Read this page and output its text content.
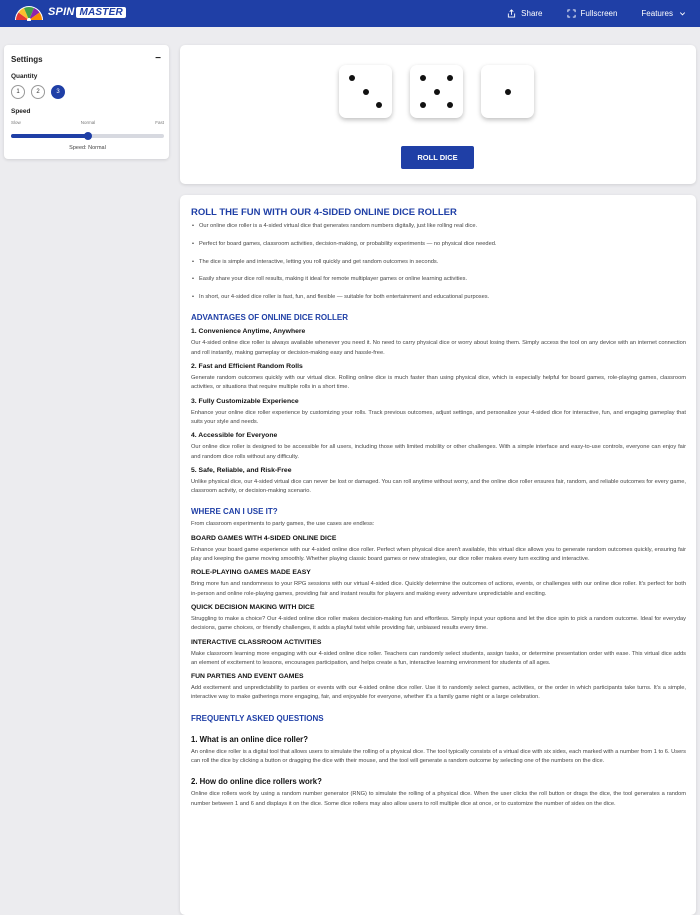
SPIN MASTER	Share	Fullscreen	Features
Settings	−
Quantity
1	2	3
Speed
Slow	Normal	Fast
Speed: Normal
ROLL DICE
ROLL THE FUN WITH OUR 4-SIDED ONLINE DICE ROLLER
• Our online dice roller is a 4-sided virtual dice that generates random numbers digitally, just like rolling real dice.
• Perfect for board games, classroom activities, decision-making, or probability experiments — no physical dice needed.
• The dice is simple and interactive, letting you roll quickly and get random outcomes in seconds.
• Easily share your dice roll results, making it ideal for remote multiplayer games or online learning activities.
• In short, our 4-sided dice roller is fast, fun, and flexible — suitable for both entertainment and educational purposes.
ADVANTAGES OF ONLINE DICE ROLLER
1. Convenience Anytime, Anywhere

Our 4-sided online dice roller is always available whenever you need it. No need to carry physical dice or worry about losing them. Simply access the tool on any device with an internet connection and roll instantly, making gameplay or decision-making easy and hassle-free.

2. Fast and Efficient Random Rolls

Generate random outcomes quickly with our virtual dice. Rolling online dice is much faster than using physical dice, which is especially helpful for board games, role-playing games, classroom activities, or situations that require multiple rolls in a short time.

3. Fully Customizable Experience

Enhance your online dice roller experience by customizing your rolls. Track previous outcomes, adjust settings, and personalize your 4-sided dice for interactive, fun, and engaging gameplay that suits your style and needs.

4. Accessible for Everyone

Our online dice roller is designed to be accessible for all users, including those with limited mobility or other challenges. With a simple interface and easy-to-use controls, everyone can enjoy fair and random dice rolls without any difficulty.

5. Safe, Reliable, and Risk-Free

Unlike physical dice, our 4-sided virtual dice can never be lost or damaged. You can roll anytime without worry, and the online dice roller ensures fair, random, and reliable outcomes for every game, classroom activity, or decision-making scenario.

WHERE CAN I USE IT?

From classroom experiments to party games, the use cases are endless:

BOARD GAMES WITH 4-SIDED ONLINE DICE

Enhance your board game experience with our 4-sided online dice roller. Perfect when physical dice aren't available, this virtual dice allows you to generate random outcomes quickly, ensuring fair play and keeping the game moving smoothly. Whether playing classic board games or new strategies, our dice roller makes every turn exciting and interactive.

ROLE-PLAYING GAMES MADE EASY

Bring more fun and randomness to your RPG sessions with our virtual 4-sided dice. Quickly determine the outcomes of actions, events, or challenges with our online dice roller. It's perfect for both in-person and online role-playing games, providing fair and instant results for players and making every adventure unpredictable and exciting.

QUICK DECISION MAKING WITH DICE

Struggling to make a choice? Our 4-sided online dice roller makes decision-making fun and effortless. Simply input your options and let the dice spin to pick a random outcome. Ideal for everyday decisions, game choices, or friendly challenges, it adds a playful twist while providing fair, unbiased results every time.

INTERACTIVE CLASSROOM ACTIVITIES

Make classroom learning more engaging with our 4-sided online dice roller. Teachers can randomly select students, assign tasks, or determine presentation order with ease. This virtual dice adds an element of excitement to lessons, encourages participation, and helps create a fun, interactive learning environment for students of all ages.

FUN PARTIES AND EVENT GAMES

Add excitement and unpredictability to parties or events with our 4-sided online dice roller. Use it to randomly select games, activities, or the order in which participants take turns. It's a simple, interactive way to make gatherings more engaging, fair, and enjoyable for everyone, whether it's a family game night or a large celebration.

FREQUENTLY ASKED QUESTIONS
1. What is an online dice roller?

An online dice roller is a digital tool that allows users to simulate the rolling of a physical dice. The tool typically consists of a virtual dice with six sides, each marked with a number from 1 to 6. Users can roll the dice by clicking a button or dragging the dice with their mouse, and the tool will generate a random outcome by selecting one of the numbers on the dice.

2. How do online dice rollers work?

Online dice rollers work by using a random number generator (RNG) to simulate the rolling of a physical dice. When the user clicks the roll button or drags the dice, the tool generates a random number between 1 and 6 and displays it on the dice. Some dice rollers may also allow users to roll multiple dice at once, or to customize the number of sides on the dice.
